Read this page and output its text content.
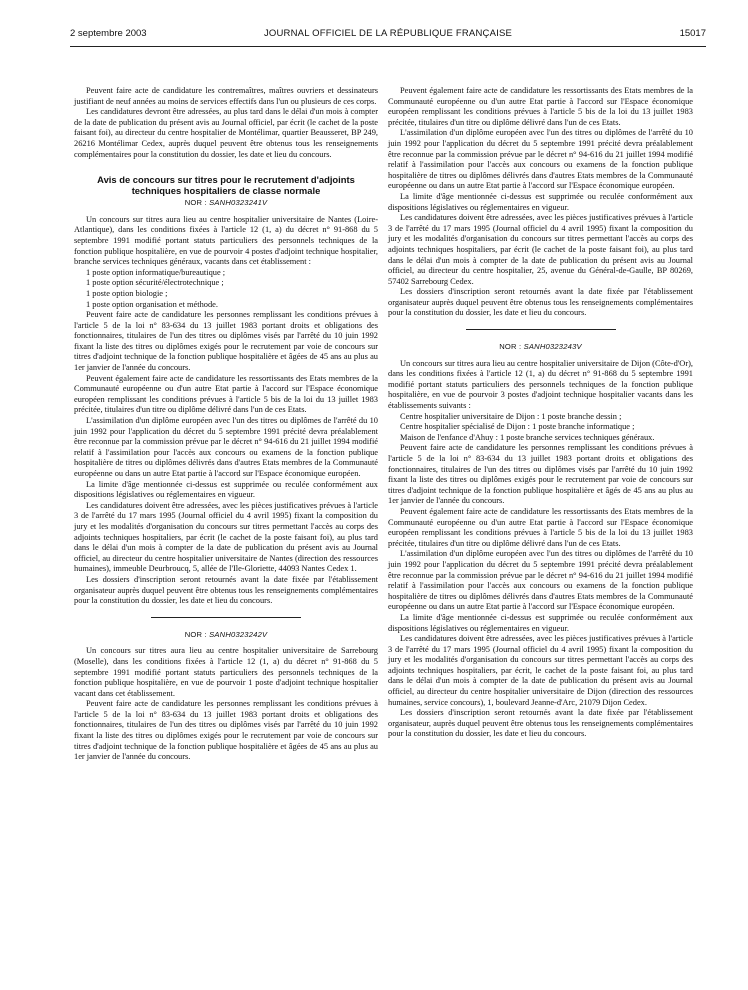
2 septembre 2003	JOURNAL OFFICIEL DE LA RÉPUBLIQUE FRANÇAISE	15017

Peuvent faire acte de candidature les contremaîtres, maîtres ouvriers et dessinateurs justifiant de neuf années au moins de services effectifs dans l'un ou plusieurs de ces corps.

Les candidatures devront être adressées, au plus tard dans le délai d'un mois à compter de la date de publication du présent avis au Journal officiel, par écrit (le cachet de la poste faisant foi), au directeur du centre hospitalier de Montélimar, quartier Beausseret, BP 249, 26216 Montélimar Cedex, auprès duquel peuvent être obtenus tous les renseignements complémentaires pour la constitution du dossier, les date et lieu du concours.

Avis de concours sur titres pour le recrutement d'adjoints techniques hospitaliers de classe normale
NOR : SANH0323241V

Un concours sur titres aura lieu au centre hospitalier universitaire de Nantes (Loire-Atlantique), dans les conditions fixées à l'article 12 (1, a) du décret n° 91-868 du 5 septembre 1991 modifié portant statuts particuliers des personnels techniques de la fonction publique hospitalière, en vue de pourvoir 4 postes d'adjoint technique hospitalier, branche services techniques généraux, vacants dans cet établissement :

1 poste option informatique/bureautique ;

1 poste option sécurité/électrotechnique ;

1 poste option biologie ;

1 poste option organisation et méthode.

Peuvent faire acte de candidature les personnes remplissant les conditions prévues à l'article 5 de la loi n° 83-634 du 13 juillet 1983 portant droits et obligations des fonctionnaires, titulaires de l'un des titres ou diplômes visés par l'arrêté du 10 juin 1992 fixant la liste des titres ou diplômes exigés pour le recrutement par voie de concours sur titres d'adjoint technique de la fonction publique hospitalière et âgées de 45 ans au plus au 1er janvier de l'année du concours.

Peuvent également faire acte de candidature les ressortissants des Etats membres de la Communauté européenne ou d'un autre Etat partie à l'accord sur l'Espace économique européen remplissant les conditions prévues à l'article 5 bis de la loi du 13 juillet 1983 précitée, titulaires d'un titre ou diplôme délivré dans l'un de ces Etats.

L'assimilation d'un diplôme européen avec l'un des titres ou diplômes de l'arrêté du 10 juin 1992 pour l'application du décret du 5 septembre 1991 précité devra préalablement être reconnue par la commission prévue par le décret n° 94-616 du 21 juillet 1994 modifié relatif à l'assimilation pour l'accès aux concours ou examens de la fonction publique hospitalière de titres ou diplômes délivrés dans d'autres Etats membres de la Communauté européenne ou dans un autre Etat partie à l'accord sur l'Espace économique européen.

La limite d'âge mentionnée ci-dessus est supprimée ou reculée conformément aux dispositions législatives ou réglementaires en vigueur.

Les candidatures doivent être adressées, avec les pièces justificatives prévues à l'article 3 de l'arrêté du 17 mars 1995 (Journal officiel du 4 avril 1995) fixant la composition du jury et les modalités d'organisation du concours sur titres permettant l'accès au corps des adjoints techniques hospitaliers, par écrit (le cachet de la poste faisant foi), au plus tard dans le délai d'un mois à compter de la date de publication du présent avis au Journal officiel, au directeur du centre hospitalier universitaire de Nantes (direction des ressources humaines), immeuble Deurbroucq, 5, allée de l'Ile-Gloriette, 44093 Nantes Cedex 1.

Les dossiers d'inscription seront retournés avant la date fixée par l'établissement organisateur auprès duquel peuvent être obtenus tous les renseignements complémentaires pour la constitution du dossier, les date et lieu du concours.

NOR : SANH0323242V

Un concours sur titres aura lieu au centre hospitalier universitaire de Sarrebourg (Moselle), dans les conditions fixées à l'article 12 (1, a) du décret n° 91-868 du 5 septembre 1991 modifié portant statuts particuliers des personnels techniques de la fonction publique hospitalière, en vue de pourvoir 1 poste d'adjoint technique hospitalier vacant dans cet établissement.

Peuvent faire acte de candidature les personnes remplissant les conditions prévues à l'article 5 de la loi n° 83-634 du 13 juillet 1983 portant droits et obligations des fonctionnaires, titulaires de l'un des titres ou diplômes visés par l'arrêté du 10 juin 1992 fixant la liste des titres ou diplômes exigés pour le recrutement par voie de concours sur titres d'adjoint technique de la fonction publique hospitalière et âgées de 45 ans au plus au 1er janvier de l'année du concours.

Peuvent également faire acte de candidature les ressortissants des Etats membres de la Communauté européenne ou d'un autre Etat partie à l'accord sur l'Espace économique européen remplissant les conditions prévues à l'article 5 bis de la loi du 13 juillet 1983 précitée, titulaires d'un titre ou diplôme délivré dans l'un de ces Etats.

L'assimilation d'un diplôme européen avec l'un des titres ou diplômes de l'arrêté du 10 juin 1992 pour l'application du décret du 5 septembre 1991 précité devra préalablement être reconnue par la commission prévue par le décret n° 94-616 du 21 juillet 1994 modifié relatif à l'assimilation pour l'accès aux concours ou examens de la fonction publique hospitalière de titres ou diplômes délivrés dans d'autres Etats membres de la Communauté européenne ou dans un autre Etat partie à l'accord sur l'Espace économique européen.

La limite d'âge mentionnée ci-dessus est supprimée ou reculée conformément aux dispositions législatives ou réglementaires en vigueur.

Les candidatures doivent être adressées, avec les pièces justificatives prévues à l'article 3 de l'arrêté du 17 mars 1995 (Journal officiel du 4 avril 1995) fixant la composition du jury et les modalités d'organisation du concours sur titres permettant l'accès au corps des adjoints techniques hospitaliers, par écrit (le cachet de la poste faisant foi), au plus tard dans le délai d'un mois à compter de la date de publication du présent avis au Journal officiel, au directeur du centre hospitalier, 25, avenue du Général-de-Gaulle, BP 80269, 57402 Sarrebourg Cedex.

Les dossiers d'inscription seront retournés avant la date fixée par l'établissement organisateur auprès duquel peuvent être obtenus tous les renseignements complémentaires pour la constitution du dossier, les date et lieu du concours.

NOR : SANH0323243V

Un concours sur titres aura lieu au centre hospitalier universitaire de Dijon (Côte-d'Or), dans les conditions fixées à l'article 12 (1, a) du décret n° 91-868 du 5 septembre 1991 modifié portant statuts particuliers des personnels techniques de la fonction publique hospitalière, en vue de pourvoir 3 postes d'adjoint technique hospitalier vacants dans les établissements suivants :

Centre hospitalier universitaire de Dijon : 1 poste branche dessin ;

Centre hospitalier spécialisé de Dijon : 1 poste branche informatique ;

Maison de l'enfance d'Ahuy : 1 poste branche services techniques généraux.

Peuvent faire acte de candidature les personnes remplissant les conditions prévues à l'article 5 de la loi n° 83-634 du 13 juillet 1983 portant droits et obligations des fonctionnaires, titulaires de l'un des titres ou diplômes visés par l'arrêté du 10 juin 1992 fixant la liste des titres ou diplômes exigés pour le recrutement par voie de concours sur titres d'adjoint technique de la fonction publique hospitalière et âgés de 45 ans au plus au 1er janvier de l'année du concours.

Peuvent également faire acte de candidature les ressortissants des Etats membres de la Communauté européenne ou d'un autre Etat partie à l'accord sur l'Espace économique européen remplissant les conditions prévues à l'article 5 bis de la loi du 13 juillet 1983 précitée, titulaires d'un titre ou diplôme délivré dans l'un de ces Etats.

L'assimilation d'un diplôme européen avec l'un des titres ou diplômes de l'arrêté du 10 juin 1992 pour l'application du décret du 5 septembre 1991 précité devra préalablement être reconnue par la commission prévue par le décret n° 94-616 du 21 juillet 1994 modifié relatif à l'assimilation pour l'accès aux concours ou examens de la fonction publique hospitalière de titres ou diplômes délivrés dans d'autres Etats membres de la Communauté européenne ou dans un autre Etat partie à l'accord sur l'Espace économique européen.

La limite d'âge mentionnée ci-dessus est supprimée ou reculée conformément aux dispositions législatives ou réglementaires en vigueur.

Les candidatures doivent être adressées, avec les pièces justificatives prévues à l'article 3 de l'arrêté du 17 mars 1995 (Journal officiel du 4 avril 1995) fixant la composition du jury et les modalités d'organisation du concours sur titres permettant l'accès au corps des adjoints techniques hospitaliers, par écrit, le cachet de la poste faisant foi, au plus tard dans le délai d'un mois à compter de la date de publication du présent avis au Journal officiel, au directeur du centre hospitalier universitaire de Dijon (direction des ressources humaines, service concours), 1, boulevard Jeanne-d'Arc, 21079 Dijon Cedex.

Les dossiers d'inscription seront retournés avant la date fixée par l'établissement organisateur, auprès duquel peuvent être obtenus tous les renseignements complémentaires pour la constitution du dossier, les date et lieu du concours.
